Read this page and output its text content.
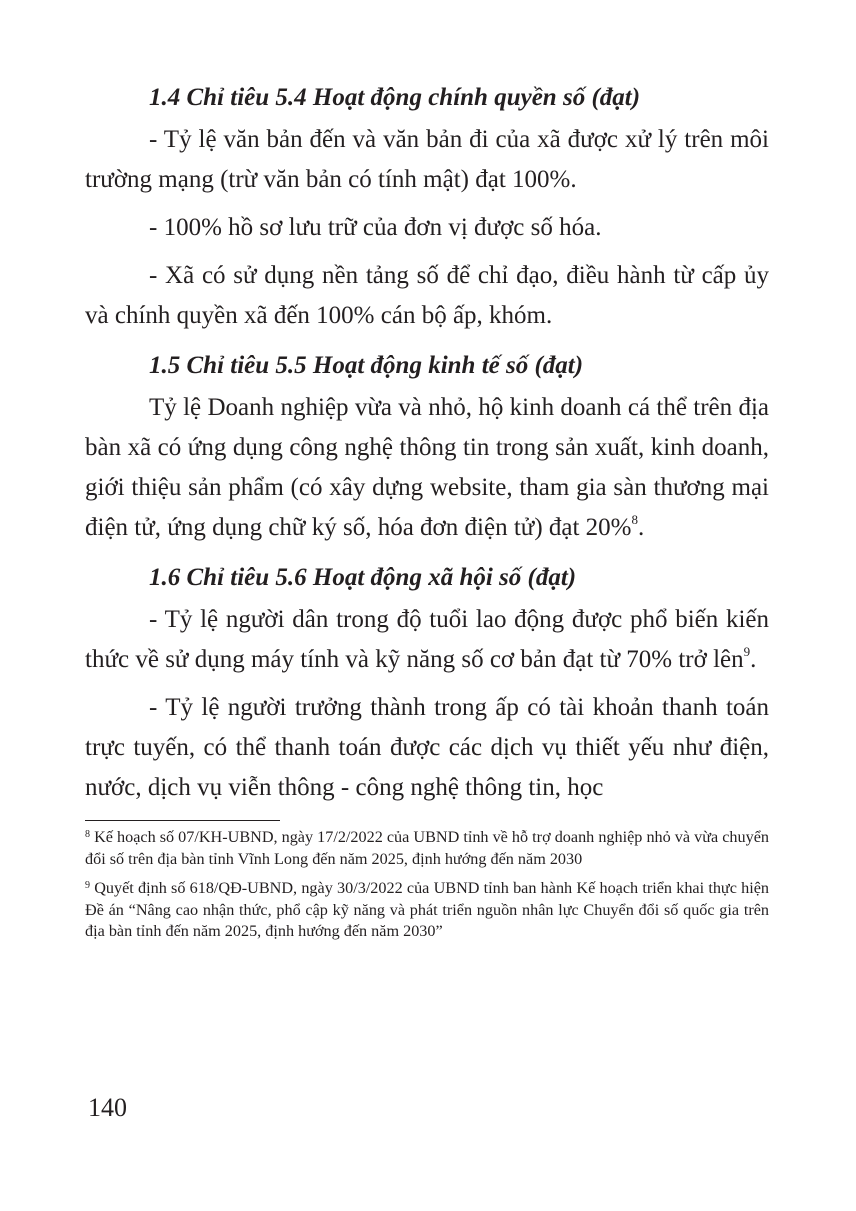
1.4 Chỉ tiêu 5.4 Hoạt động chính quyền số (đạt)

- Tỷ lệ văn bản đến và văn bản đi của xã được xử lý trên môi trường mạng (trừ văn bản có tính mật) đạt 100%.

- 100% hồ sơ lưu trữ của đơn vị được số hóa.

- Xã có sử dụng nền tảng số để chỉ đạo, điều hành từ cấp ủy và chính quyền xã đến 100% cán bộ ấp, khóm.

1.5 Chỉ tiêu 5.5 Hoạt động kinh tế số (đạt)

Tỷ lệ Doanh nghiệp vừa và nhỏ, hộ kinh doanh cá thể trên địa bàn xã có ứng dụng công nghệ thông tin trong sản xuất, kinh doanh, giới thiệu sản phẩm (có xây dựng website, tham gia sàn thương mại điện tử, ứng dụng chữ ký số, hóa đơn điện tử) đạt 20%$^8$.

1.6 Chỉ tiêu 5.6 Hoạt động xã hội số (đạt)

- Tỷ lệ người dân trong độ tuổi lao động được phổ biến kiến thức về sử dụng máy tính và kỹ năng số cơ bản đạt từ 70% trở lên$^9$.

- Tỷ lệ người trưởng thành trong ấp có tài khoản thanh toán trực tuyến, có thể thanh toán được các dịch vụ thiết yếu như điện, nước, dịch vụ viễn thông - công nghệ thông tin, học

$^8$ Kế hoạch số 07/KH-UBND, ngày 17/2/2022 của UBND tỉnh về hỗ trợ doanh nghiệp nhỏ và vừa chuyển đổi số trên địa bàn tỉnh Vĩnh Long đến năm 2025, định hướng đến năm 2030

$^9$ Quyết định số 618/QĐ-UBND, ngày 30/3/2022 của UBND tỉnh ban hành Kế hoạch triển khai thực hiện Đề án “Nâng cao nhận thức, phổ cập kỹ năng và phát triển nguồn nhân lực Chuyển đổi số quốc gia trên địa bàn tỉnh đến năm 2025, định hướng đến năm 2030”

140
